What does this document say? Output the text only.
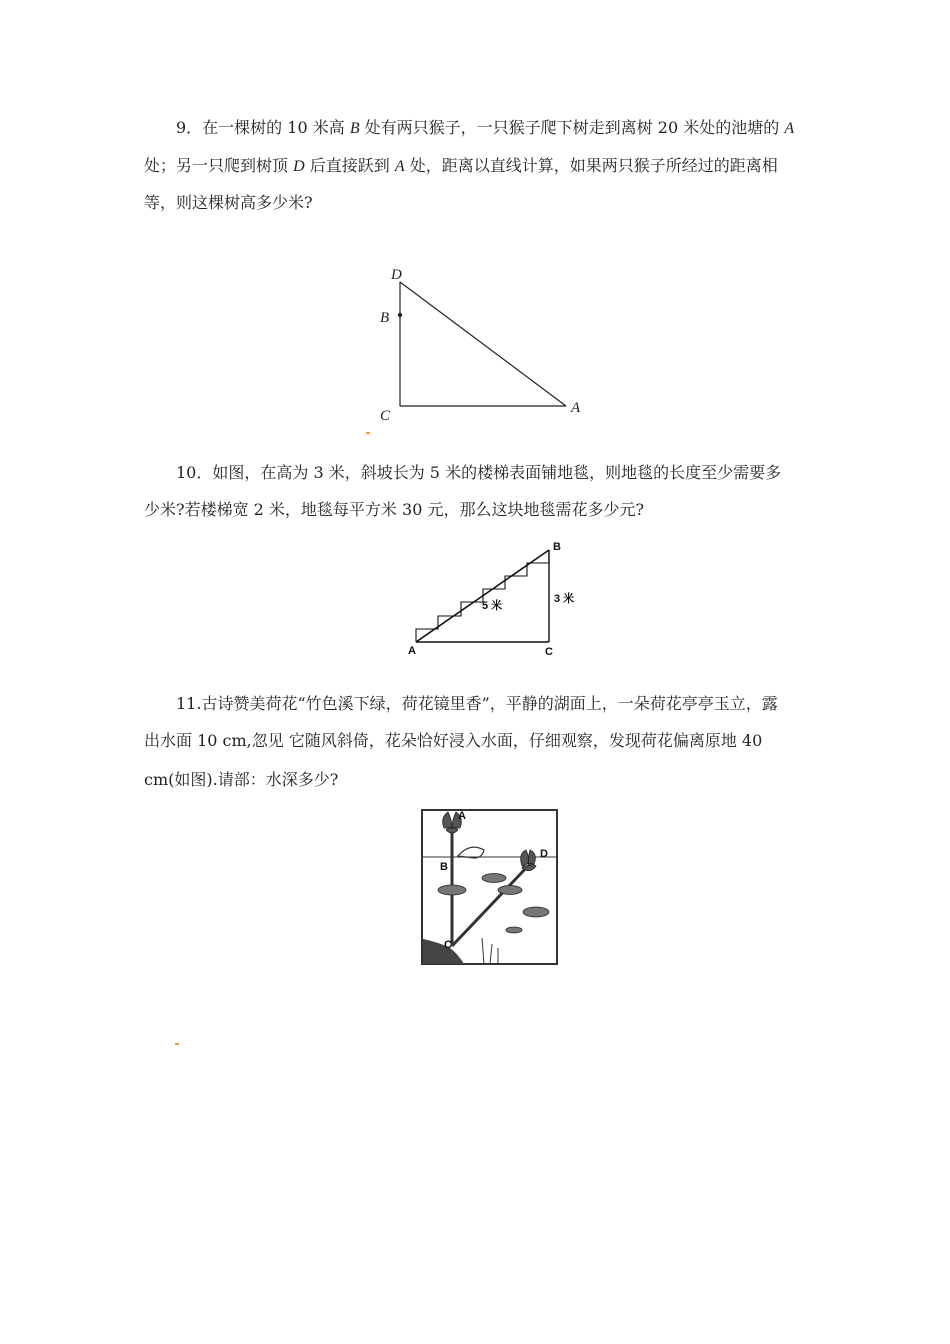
9．在一棵树的 10 米高 B 处有两只猴子，一只猴子爬下树走到离树 20 米处的池塘的 A
处；另一只爬到树顶 D 后直接跃到 A 处，距离以直线计算，如果两只猴子所经过的距离相
等，则这棵树高多少米?
D
B
C	A
10．如图，在高为 3 米，斜坡长为 5 米的楼梯表面铺地毯，则地毯的长度至少需要多
少米?若楼梯宽 2 米，地毯每平方米 30 元，那么这块地毯需花多少元?
A
B
C
5 米
3 米
11.古诗赞美荷花“竹色溪下绿，荷花镜里香”，平静的湖面上，一朵荷花亭亭玉立，露
出水面 10 cm,忽见 它随风斜倚，花朵恰好浸入水面，仔细观察，发现荷花偏离原地 40
cm(如图).请部：水深多少?
A
B
C
D
